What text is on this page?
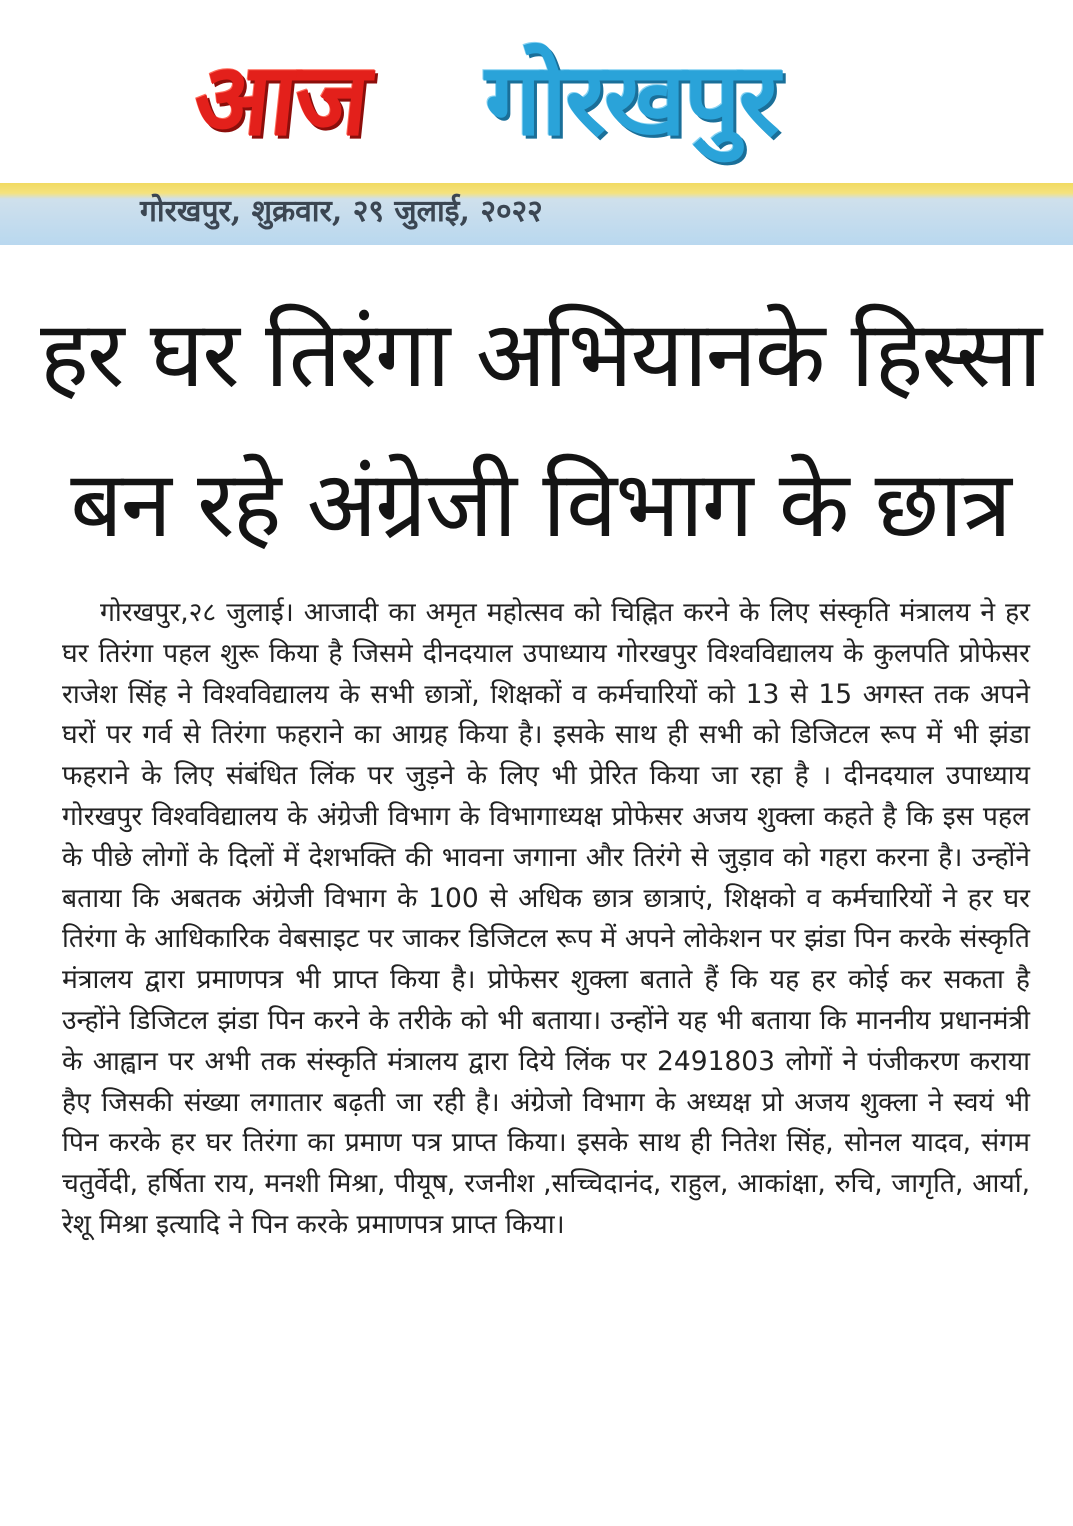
आज गोरखपुर
गोरखपुर, शुक्रवार, २९ जुलाई, २०२२
हर घर तिरंगा अभियानके हिस्सा
बन रहे अंग्रेजी विभाग के छात्र

गोरखपुर,२८ जुलाई। आजादी का अमृत महोत्सव को चिह्नित करने के लिए संस्कृति मंत्रालय ने हर घर तिरंगा पहल शुरू किया है जिसमे दीनदयाल उपाध्याय गोरखपुर विश्वविद्यालय के कुलपति प्रोफेसर राजेश सिंह ने विश्वविद्यालय के सभी छात्रों, शिक्षकों व कर्मचारियों को 13 से 15 अगस्त तक अपने घरों पर गर्व से तिरंगा फहराने का आग्रह किया है। इसके साथ ही सभी को डिजिटल रूप में भी झंडा फहराने के लिए संबंधित लिंक पर जुड़ने के लिए भी प्रेरित किया जा रहा है । दीनदयाल उपाध्याय गोरखपुर विश्वविद्यालय के अंग्रेजी विभाग के विभागाध्यक्ष प्रोफेसर अजय शुक्ला कहते है कि इस पहल के पीछे लोगों के दिलों में देशभक्ति की भावना जगाना और तिरंगे से जुड़ाव को गहरा करना है। उन्होंने बताया कि अबतक अंग्रेजी विभाग के 100 से अधिक छात्र छात्राएं, शिक्षको व कर्मचारियों ने हर घर तिरंगा के आधिकारिक वेबसाइट पर जाकर डिजिटल रूप में अपने लोकेशन पर झंडा पिन करके संस्कृति मंत्रालय द्वारा प्रमाणपत्र भी प्राप्त किया है। प्रोफेसर शुक्ला बताते हैं कि यह हर कोई कर सकता है उन्होंने डिजिटल झंडा पिन करने के तरीके को भी बताया। उन्होंने यह भी बताया कि माननीय प्रधानमंत्री के आह्वान पर अभी तक संस्कृति मंत्रालय द्वारा दिये लिंक पर 2491803 लोगों ने पंजीकरण कराया हैए जिसकी संख्या लगातार बढ़ती जा रही है। अंग्रेजो विभाग के अध्यक्ष प्रो अजय शुक्ला ने स्वयं भी पिन करके हर घर तिरंगा का प्रमाण पत्र प्राप्त किया। इसके साथ ही नितेश सिंह, सोनल यादव, संगम चतुर्वेदी, हर्षिता राय, मनशी मिश्रा, पीयूष, रजनीश ,सच्चिदानंद, राहुल, आकांक्षा, रुचि, जागृति, आर्या, रेशू मिश्रा इत्यादि ने पिन करके प्रमाणपत्र प्राप्त किया।
